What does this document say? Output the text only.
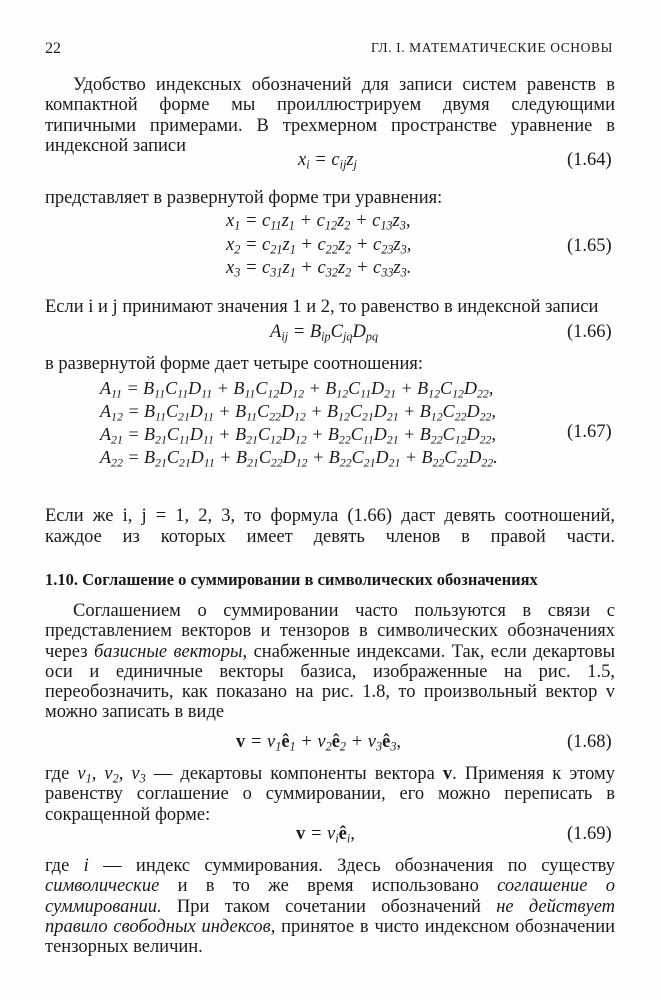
22	ГЛ. I. МАТЕМАТИЧЕСКИЕ ОСНОВЫ

Удобство индексных обозначений для записи систем равенств в компактной форме мы проиллюстрируем двумя следующими типичными примерами. В трехмерном пространстве уравнение в индексной записи

$x_i = c_{ij}z_j$	(1.64)

представляет в развернутой форме три уравнения:

$x_1 = c_{11}z_1 + c_{12}z_2 + c_{13}z_3$,
$x_2 = c_{21}z_1 + c_{22}z_2 + c_{23}z_3$,
$x_3 = c_{31}z_1 + c_{32}z_2 + c_{33}z_3$.
(1.65)

Если i и j принимают значения 1 и 2, то равенство в индексной записи

$A_{ij} = B_{ip}C_{jq}D_{pq}$	(1.66)

в развернутой форме дает четыре соотношения:

$A_{11} = B_{11}C_{11}D_{11} + B_{11}C_{12}D_{12} + B_{12}C_{11}D_{21} + B_{12}C_{12}D_{22}$,
$A_{12} = B_{11}C_{21}D_{11} + B_{11}C_{22}D_{12} + B_{12}C_{21}D_{21} + B_{12}C_{22}D_{22}$,
$A_{21} = B_{21}C_{11}D_{11} + B_{21}C_{12}D_{12} + B_{22}C_{11}D_{21} + B_{22}C_{12}D_{22}$,
$A_{22} = B_{21}C_{21}D_{11} + B_{21}C_{22}D_{12} + B_{22}C_{21}D_{21} + B_{22}C_{22}D_{22}$.
(1.67)

Если же i, j = 1, 2, 3, то формула (1.66) даст девять соотношений,

каждое из которых имеет девять членов в правой части.

1.10. Соглашение о суммировании в символических обозначениях

Соглашением о суммировании часто пользуются в связи с представлением векторов и тензоров в символических обозначениях через базисные векторы, снабженные индексами. Так, если декартовы оси и единичные векторы базиса, изображенные на рис. 1.5, переобозначить, как показано на рис. 1.8, то произвольный вектор v можно записать в виде

$v = v_1ê_1$ + $v_2ê_2$ + $v_3ê_3$,	(1.68)

где $v_1$, $v_2$, $v_3$ — декартовы компоненты вектора v. Применяя к этому равенству соглашение о суммировании, его можно переписать в сокращенной форме:

$v = v_iê_i$,	(1.69)

где i — индекс суммирования. Здесь обозначения по существу символические и в то же время использовано соглашение о суммировании. При таком сочетании обозначений не действует правило свободных индексов, принятое в чисто индексном обозначении тензорных величин.
